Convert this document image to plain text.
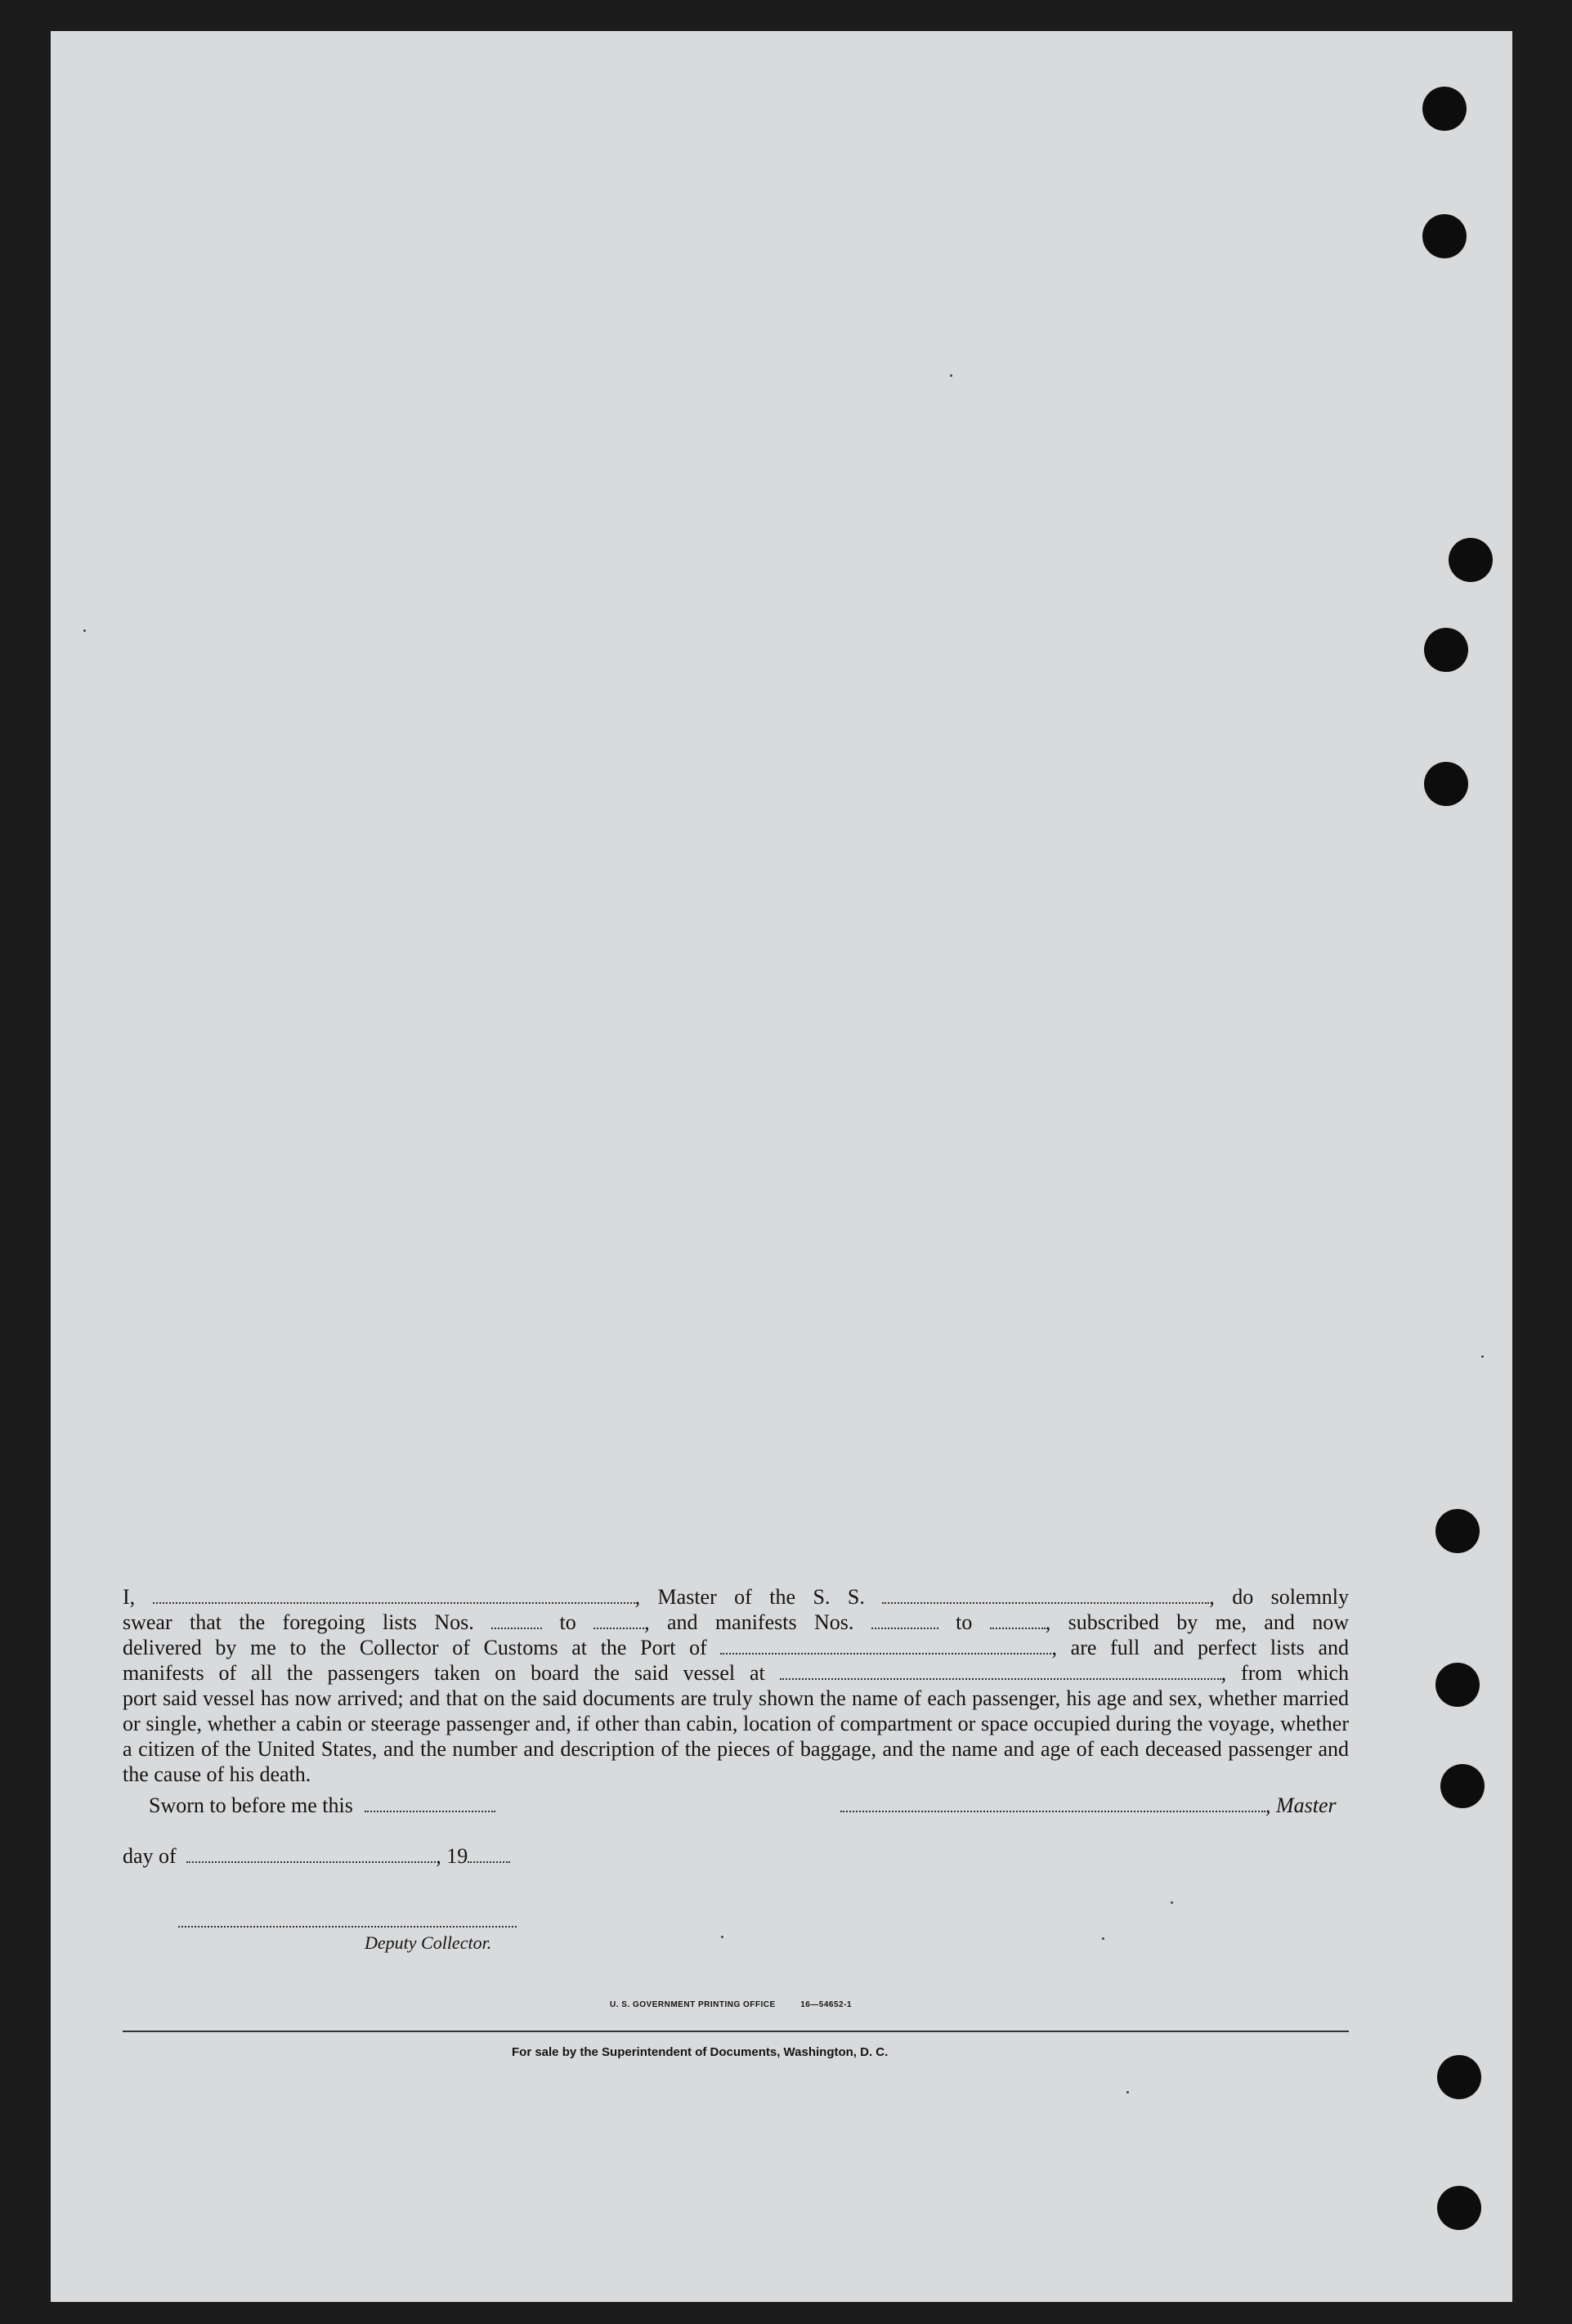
I,	, Master of the S. S.	, do solemnly

swear that the foregoing lists Nos.  to , and manifests Nos.	to	, subscribed by me, and now

delivered by me to the Collector of Customs at the Port of	, are full and perfect lists and

manifests of all the passengers taken on board the said vessel at	, from which

port said vessel has now arrived; and that on the said documents are truly shown the name of each passenger, his age and sex, whether married or single, whether a cabin or steerage passenger and, if other than cabin, location of compartment or space occupied during the voyage, whether a citizen of the United States, and the number and description of the pieces of baggage, and the name and age of each deceased passenger and the cause of his death.

Sworn to before me this	, Master
day of	, 19
Deputy Collector.
U. S. GOVERNMENT PRINTING OFFICE	16—54652-1
For sale by the Superintendent of Documents, Washington, D. C.
